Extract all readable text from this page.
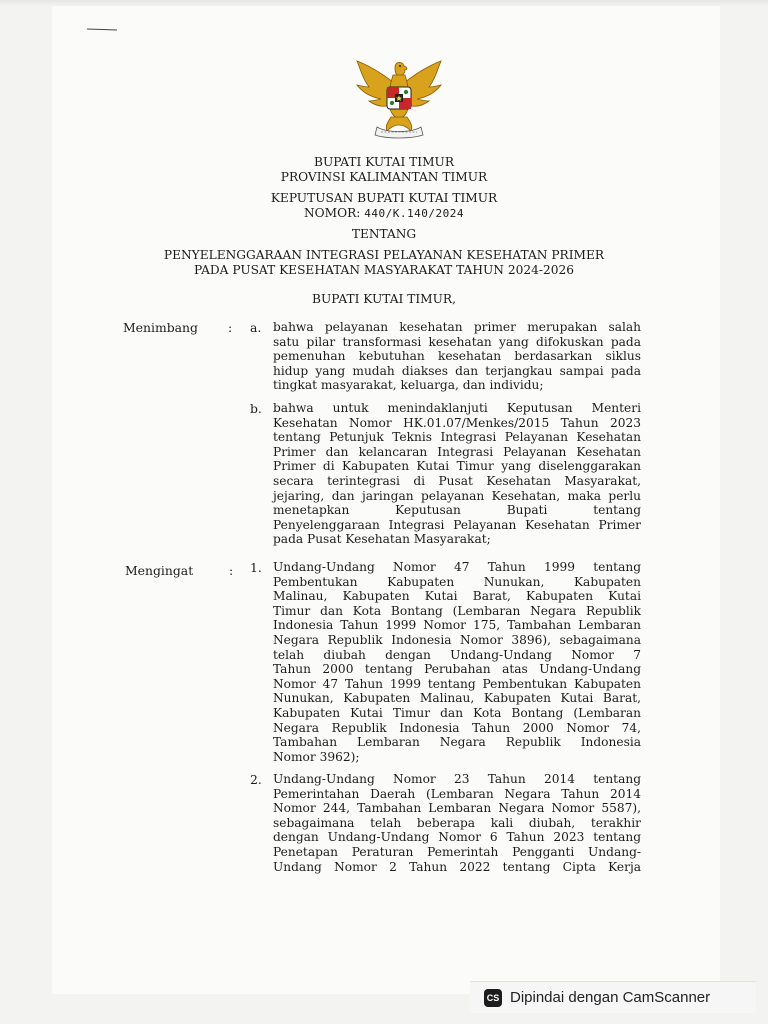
BUPATI KUTAI TIMUR
PROVINSI KALIMANTAN TIMUR
KEPUTUSAN BUPATI KUTAI TIMUR
NOMOR: 440/K.140/2024
TENTANG
PENYELENGGARAAN INTEGRASI PELAYANAN KESEHATAN PRIMER
PADA PUSAT KESEHATAN MASYARAKAT TAHUN 2024-2026
BUPATI KUTAI TIMUR,
Menimbang : a. bahwa pelayanan kesehatan primer merupakan salah
satu pilar transformasi kesehatan yang difokuskan pada
pemenuhan kebutuhan kesehatan berdasarkan siklus
hidup yang mudah diakses dan terjangkau sampai pada
tingkat masyarakat, keluarga, dan individu;
b. bahwa untuk menindaklanjuti Keputusan Menteri
Kesehatan Nomor HK.01.07/Menkes/2015 Tahun 2023
tentang Petunjuk Teknis Integrasi Pelayanan Kesehatan
Primer dan kelancaran Integrasi Pelayanan Kesehatan
Primer di Kabupaten Kutai Timur yang diselenggarakan
secara terintegrasi di Pusat Kesehatan Masyarakat,
jejaring, dan jaringan pelayanan Kesehatan, maka perlu
menetapkan Keputusan Bupati tentang
Penyelenggaraan Integrasi Pelayanan Kesehatan Primer
pada Pusat Kesehatan Masyarakat;
Mengingat	: 1. Undang-Undang Nomor 47 Tahun 1999 tentang
Pembentukan Kabupaten Nunukan, Kabupaten
Malinau, Kabupaten Kutai Barat, Kabupaten Kutai
Timur dan Kota Bontang (Lembaran Negara Republik
Indonesia Tahun 1999 Nomor 175, Tambahan Lembaran
Negara Republik Indonesia Nomor 3896), sebagaimana
telah diubah dengan Undang-Undang Nomor 7
Tahun 2000 tentang Perubahan atas Undang-Undang
Nomor 47 Tahun 1999 tentang Pembentukan Kabupaten
Nunukan, Kabupaten Malinau, Kabupaten Kutai Barat,
Kabupaten Kutai Timur dan Kota Bontang (Lembaran
Negara Republik Indonesia Tahun 2000 Nomor 74,
Tambahan Lembaran Negara Republik Indonesia
Nomor 3962);
2. Undang-Undang Nomor 23 Tahun 2014 tentang
Pemerintahan Daerah (Lembaran Negara Tahun 2014
Nomor 244, Tambahan Lembaran Negara Nomor 5587),
sebagaimana telah beberapa kali diubah, terakhir
dengan Undang-Undang Nomor 6 Tahun 2023 tentang
Penetapan Peraturan Pemerintah Pengganti Undang-
Undang Nomor 2 Tahun 2022 tentang Cipta Kerja
CS Dipindai dengan CamScanner
